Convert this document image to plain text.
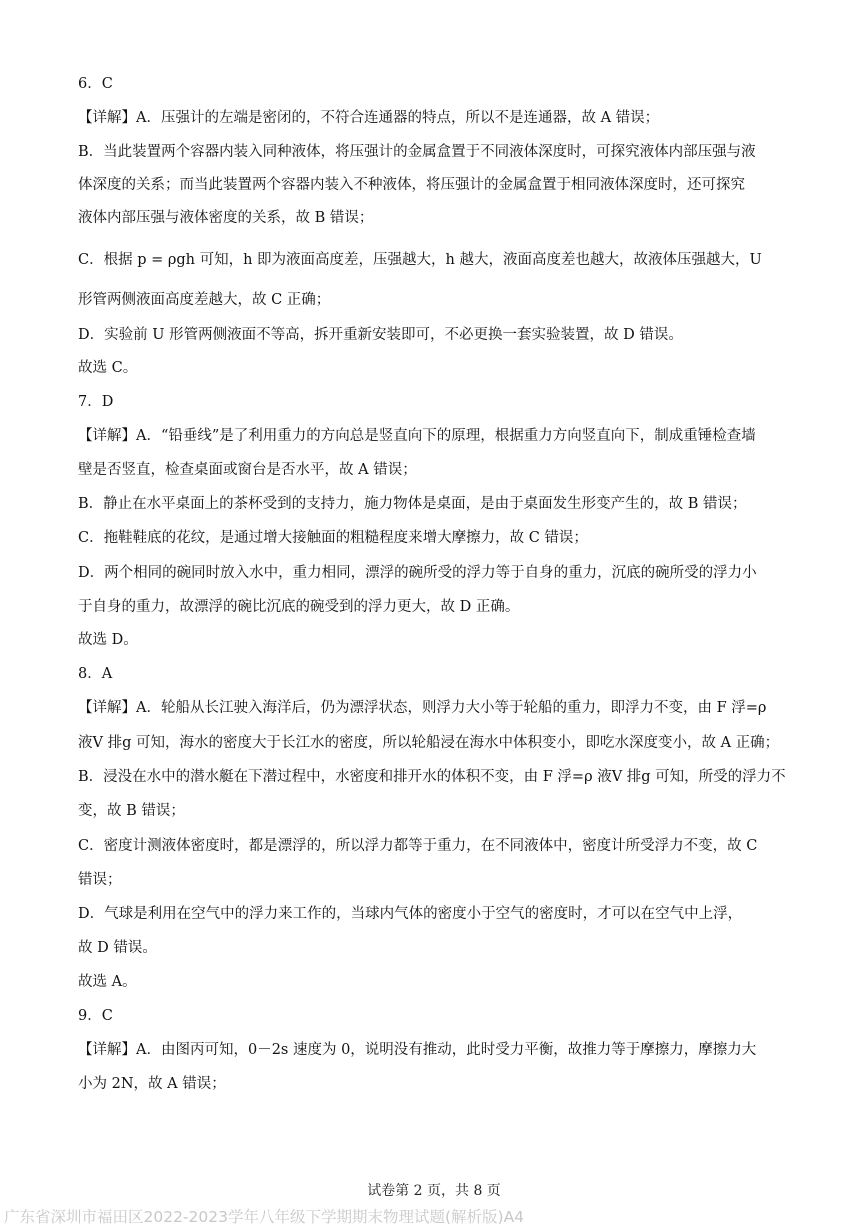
6．C
【详解】A．压强计的左端是密闭的，不符合连通器的特点，所以不是连通器，故 A 错误；
B．当此装置两个容器内装入同种液体，将压强计的金属盒置于不同液体深度时，可探究液体内部压强与液
体深度的关系；而当此装置两个容器内装入不种液体，将压强计的金属盒置于相同液体深度时，还可探究
液体内部压强与液体密度的关系，故 B 错误；
C．根据 p = ρgh 可知，h 即为液面高度差，压强越大，h 越大，液面高度差也越大，故液体压强越大，U
形管两侧液面高度差越大，故 C 正确；
D．实验前 U 形管两侧液面不等高，拆开重新安装即可，不必更换一套实验装置，故 D 错误。
故选 C。
7．D
【详解】A．“铅垂线”是了利用重力的方向总是竖直向下的原理，根据重力方向竖直向下，制成重锤检查墙
壁是否竖直，检查桌面或窗台是否水平，故 A 错误；
B．静止在水平桌面上的茶杯受到的支持力，施力物体是桌面，是由于桌面发生形变产生的，故 B 错误；
C．拖鞋鞋底的花纹，是通过增大接触面的粗糙程度来增大摩擦力，故 C 错误；
D．两个相同的碗同时放入水中，重力相同，漂浮的碗所受的浮力等于自身的重力，沉底的碗所受的浮力小
于自身的重力，故漂浮的碗比沉底的碗受到的浮力更大，故 D 正确。
故选 D。
8．A
【详解】A．轮船从长江驶入海洋后，仍为漂浮状态，则浮力大小等于轮船的重力，即浮力不变，由 F 浮=ρ
液V 排g 可知，海水的密度大于长江水的密度，所以轮船浸在海水中体积变小，即吃水深度变小，故 A 正确；
B．浸没在水中的潜水艇在下潜过程中，水密度和排开水的体积不变，由 F 浮=ρ 液V 排g 可知，所受的浮力不
变，故 B 错误；
C．密度计测液体密度时，都是漂浮的，所以浮力都等于重力，在不同液体中，密度计所受浮力不变，故 C
错误；
D．气球是利用在空气中的浮力来工作的，当球内气体的密度小于空气的密度时，才可以在空气中上浮，
故 D 错误。
故选 A。
9．C
【详解】A．由图丙可知，0－2s 速度为 0，说明没有推动，此时受力平衡，故推力等于摩擦力，摩擦力大
小为 2N，故 A 错误；
试卷第 2 页，共 8 页
广东省深圳市福田区2022-2023学年八年级下学期期末物理试题(解析版)A4
